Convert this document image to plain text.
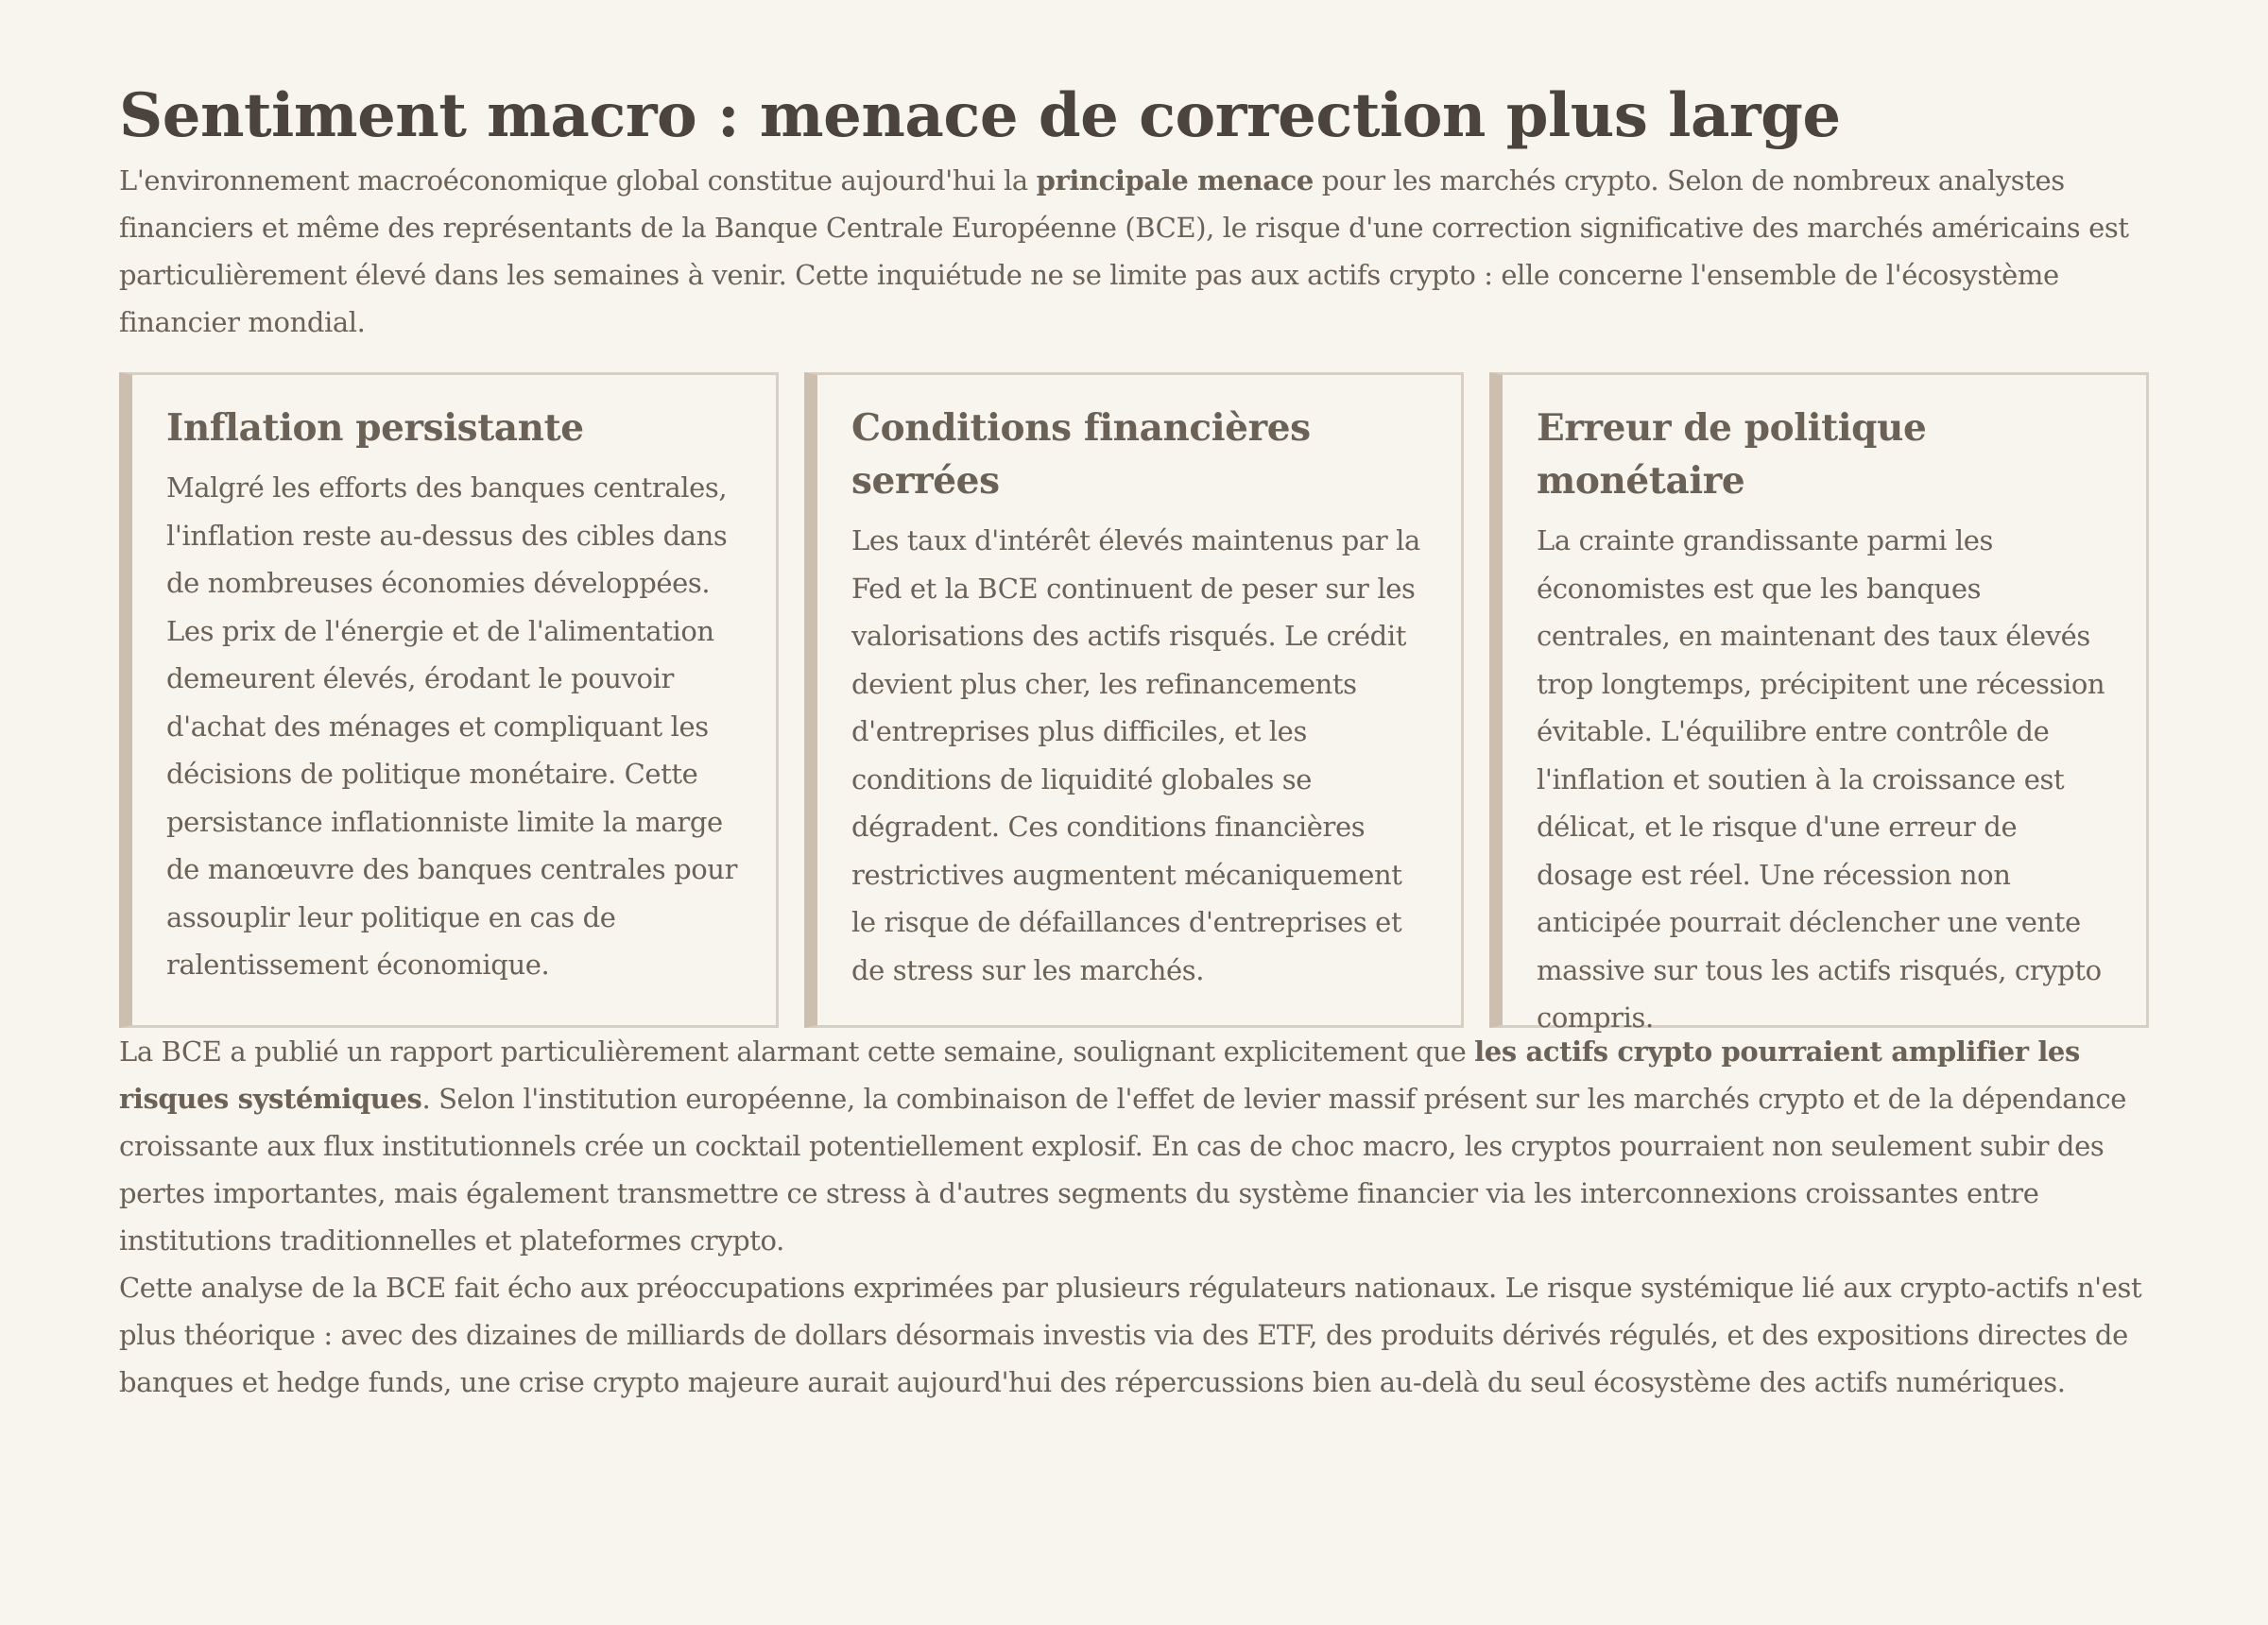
Sentiment macro : menace de correction plus large

L'environnement macroéconomique global constitue aujourd'hui la principale menace pour les marchés crypto. Selon de nombreux analystes financiers et même des représentants de la Banque Centrale Européenne (BCE), le risque d'une correction significative des marchés américains est particulièrement élevé dans les semaines à venir. Cette inquiétude ne se limite pas aux actifs crypto : elle concerne l'ensemble de l'écosystème financier mondial.

Inflation persistante

Malgré les efforts des banques centrales, l'inflation reste au-dessus des cibles dans de nombreuses économies développées. Les prix de l'énergie et de l'alimentation demeurent élevés, érodant le pouvoir d'achat des ménages et compliquant les décisions de politique monétaire. Cette persistance inflationniste limite la marge de manœuvre des banques centrales pour assouplir leur politique en cas de ralentissement économique.

Conditions financières serrées

Les taux d'intérêt élevés maintenus par la Fed et la BCE continuent de peser sur les valorisations des actifs risqués. Le crédit devient plus cher, les refinancements d'entreprises plus difficiles, et les conditions de liquidité globales se dégradent. Ces conditions financières restrictives augmentent mécaniquement le risque de défaillances d'entreprises et de stress sur les marchés.

Erreur de politique monétaire

La crainte grandissante parmi les économistes est que les banques centrales, en maintenant des taux élevés trop longtemps, précipitent une récession évitable. L'équilibre entre contrôle de l'inflation et soutien à la croissance est délicat, et le risque d'une erreur de dosage est réel. Une récession non anticipée pourrait déclencher une vente massive sur tous les actifs risqués, crypto compris.

La BCE a publié un rapport particulièrement alarmant cette semaine, soulignant explicitement que les actifs crypto pourraient amplifier les risques systémiques. Selon l'institution européenne, la combinaison de l'effet de levier massif présent sur les marchés crypto et de la dépendance croissante aux flux institutionnels crée un cocktail potentiellement explosif. En cas de choc macro, les cryptos pourraient non seulement subir des pertes importantes, mais également transmettre ce stress à d'autres segments du système financier via les interconnexions croissantes entre institutions traditionnelles et plateformes crypto.

Cette analyse de la BCE fait écho aux préoccupations exprimées par plusieurs régulateurs nationaux. Le risque systémique lié aux crypto-actifs n'est plus théorique : avec des dizaines de milliards de dollars désormais investis via des ETF, des produits dérivés régulés, et des expositions directes de banques et hedge funds, une crise crypto majeure aurait aujourd'hui des répercussions bien au-delà du seul écosystème des actifs numériques.
